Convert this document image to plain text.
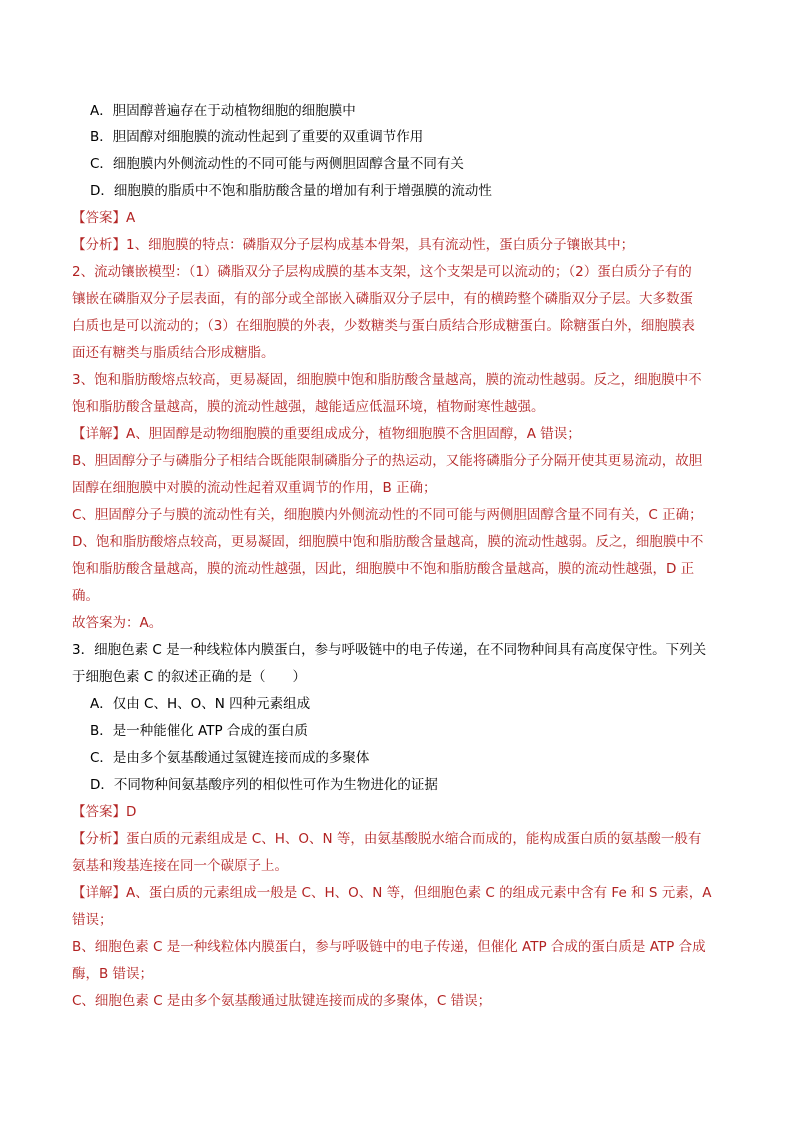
A．胆固醇普遍存在于动植物细胞的细胞膜中
B．胆固醇对细胞膜的流动性起到了重要的双重调节作用
C．细胞膜内外侧流动性的不同可能与两侧胆固醇含量不同有关
D．细胞膜的脂质中不饱和脂肪酸含量的增加有利于增强膜的流动性
【答案】A
【分析】1、细胞膜的特点：磷脂双分子层构成基本骨架，具有流动性，蛋白质分子镶嵌其中；
2、流动镶嵌模型：（1）磷脂双分子层构成膜的基本支架，这个支架是可以流动的；（2）蛋白质分子有的
镶嵌在磷脂双分子层表面，有的部分或全部嵌入磷脂双分子层中，有的横跨整个磷脂双分子层。大多数蛋
白质也是可以流动的；（3）在细胞膜的外表，少数糖类与蛋白质结合形成糖蛋白。除糖蛋白外，细胞膜表
面还有糖类与脂质结合形成糖脂。
3、饱和脂肪酸熔点较高，更易凝固，细胞膜中饱和脂肪酸含量越高，膜的流动性越弱。反之，细胞膜中不
饱和脂肪酸含量越高，膜的流动性越强，越能适应低温环境，植物耐寒性越强。
【详解】A、胆固醇是动物细胞膜的重要组成成分，植物细胞膜不含胆固醇，A 错误；
B、胆固醇分子与磷脂分子相结合既能限制磷脂分子的热运动，又能将磷脂分子分隔开使其更易流动，故胆
固醇在细胞膜中对膜的流动性起着双重调节的作用，B 正确；
C、胆固醇分子与膜的流动性有关，细胞膜内外侧流动性的不同可能与两侧胆固醇含量不同有关，C 正确；
D、饱和脂肪酸熔点较高，更易凝固，细胞膜中饱和脂肪酸含量越高，膜的流动性越弱。反之，细胞膜中不
饱和脂肪酸含量越高，膜的流动性越强，因此，细胞膜中不饱和脂肪酸含量越高，膜的流动性越强，D 正
确。
故答案为：A。
3．细胞色素 C 是一种线粒体内膜蛋白，参与呼吸链中的电子传递，在不同物种间具有高度保守性。下列关
于细胞色素 C 的叙述正确的是（　　）
A．仅由 C、H、O、N 四种元素组成
B．是一种能催化 ATP 合成的蛋白质
C．是由多个氨基酸通过氢键连接而成的多聚体
D．不同物种间氨基酸序列的相似性可作为生物进化的证据
【答案】D
【分析】蛋白质的元素组成是 C、H、O、N 等，由氨基酸脱水缩合而成的，能构成蛋白质的氨基酸一般有
氨基和羧基连接在同一个碳原子上。
【详解】A、蛋白质的元素组成一般是 C、H、O、N 等，但细胞色素 C 的组成元素中含有 Fe 和 S 元素，A
错误；
B、细胞色素 C 是一种线粒体内膜蛋白，参与呼吸链中的电子传递，但催化 ATP 合成的蛋白质是 ATP 合成
酶，B 错误；
C、细胞色素 C 是由多个氨基酸通过肽键连接而成的多聚体，C 错误；
